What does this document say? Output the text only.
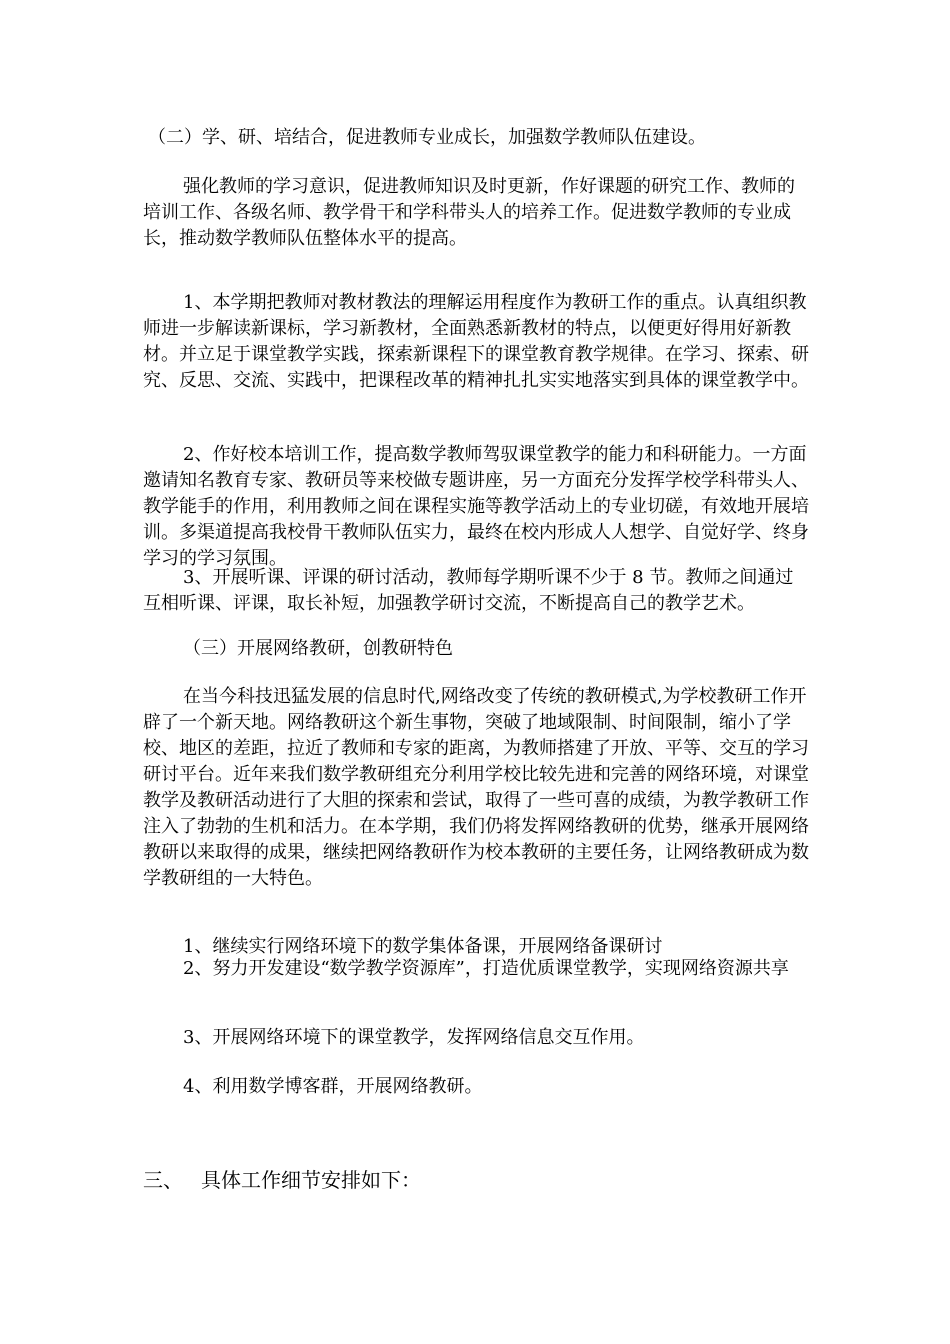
（二）学、研、培结合，促进教师专业成长，加强数学教师队伍建设。

强化教师的学习意识，促进教师知识及时更新，作好课题的研究工作、教师的培训工作、各级名师、教学骨干和学科带头人的培养工作。促进数学教师的专业成长，推动数学教师队伍整体水平的提高。

1、本学期把教师对教材教法的理解运用程度作为教研工作的重点。认真组织教师进一步解读新课标，学习新教材，全面熟悉新教材的特点，以便更好得用好新教材。并立足于课堂教学实践，探索新课程下的课堂教育教学规律。在学习、探索、研究、反思、交流、实践中，把课程改革的精神扎扎实实地落实到具体的课堂教学中。

2、作好校本培训工作，提高数学教师驾驭课堂教学的能力和科研能力。一方面邀请知名教育专家、教研员等来校做专题讲座，另一方面充分发挥学校学科带头人、教学能手的作用，利用教师之间在课程实施等教学活动上的专业切磋，有效地开展培训。多渠道提高我校骨干教师队伍实力，最终在校内形成人人想学、自觉好学、终身学习的学习氛围。

3、开展听课、评课的研讨活动，教师每学期听课不少于 8 节。教师之间通过互相听课、评课，取长补短，加强教学研讨交流，不断提高自己的教学艺术。

（三）开展网络教研，创教研特色

在当今科技迅猛发展的信息时代,网络改变了传统的教研模式,为学校教研工作开辟了一个新天地。网络教研这个新生事物，突破了地域限制、时间限制，缩小了学校、地区的差距，拉近了教师和专家的距离，为教师搭建了开放、平等、交互的学习研讨平台。近年来我们数学教研组充分利用学校比较先进和完善的网络环境，对课堂教学及教研活动进行了大胆的探索和尝试，取得了一些可喜的成绩，为教学教研工作注入了勃勃的生机和活力。在本学期，我们仍将发挥网络教研的优势，继承开展网络教研以来取得的成果，继续把网络教研作为校本教研的主要任务，让网络教研成为数学教研组的一大特色。

1、继续实行网络环境下的数学集体备课，开展网络备课研讨

2、努力开发建设“数学教学资源库”，打造优质课堂教学，实现网络资源共享

3、开展网络环境下的课堂教学，发挥网络信息交互作用。

4、利用数学博客群，开展网络教研。

三、 具体工作细节安排如下：
